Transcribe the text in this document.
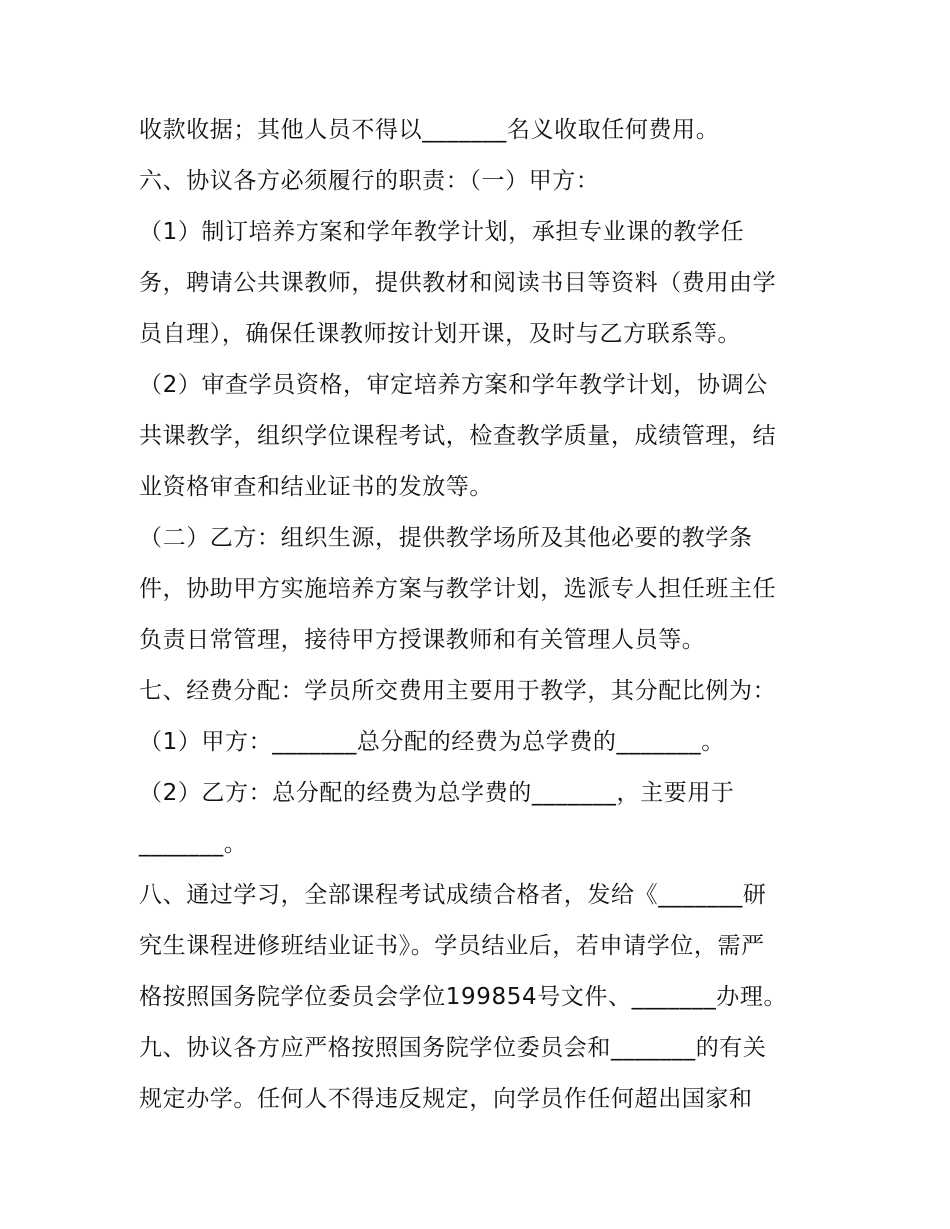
收款收据；其他人员不得以_______名义收取任何费用。
六、协议各方必须履行的职责：（一）甲方：
（1）制订培养方案和学年教学计划，承担专业课的教学任
务，聘请公共课教师，提供教材和阅读书目等资料（费用由学
员自理），确保任课教师按计划开课，及时与乙方联系等。
（2）审查学员资格，审定培养方案和学年教学计划，协调公
共课教学，组织学位课程考试，检查教学质量，成绩管理，结
业资格审查和结业证书的发放等。
（二）乙方：组织生源，提供教学场所及其他必要的教学条
件，协助甲方实施培养方案与教学计划，选派专人担任班主任
负责日常管理，接待甲方授课教师和有关管理人员等。
七、经费分配：学员所交费用主要用于教学，其分配比例为：
（1）甲方：_______总分配的经费为总学费的_______。
（2）乙方：总分配的经费为总学费的_______，主要用于
_______。
八、通过学习，全部课程考试成绩合格者，发给《_______研
究生课程进修班结业证书》。学员结业后，若申请学位，需严
格按照国务院学位委员会学位199854号文件、_______办理。
九、协议各方应严格按照国务院学位委员会和_______的有关
规定办学。任何人不得违反规定，向学员作任何超出国家和
